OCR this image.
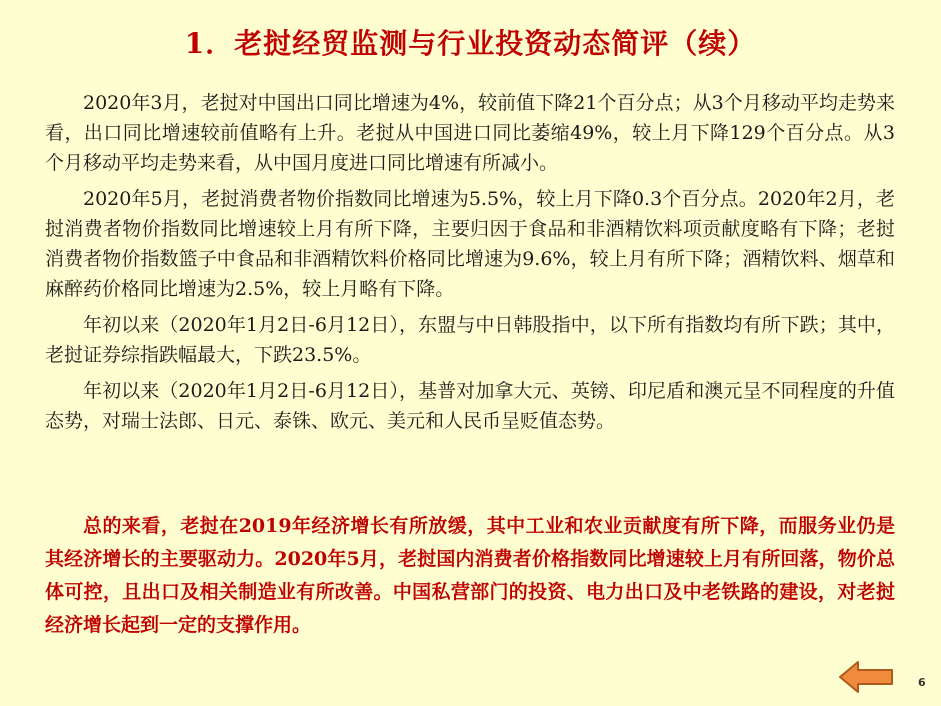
1．老挝经贸监测与行业投资动态简评（续）

2020年3月，老挝对中国出口同比增速为4%，较前值下降21个百分点；从3个月移动平均走势来看，出口同比增速较前值略有上升。老挝从中国进口同比萎缩49%，较上月下降129个百分点。从3个月移动平均走势来看，从中国月度进口同比增速有所减小。

2020年5月，老挝消费者物价指数同比增速为5.5%，较上月下降0.3个百分点。2020年2月，老挝消费者物价指数同比增速较上月有所下降，主要归因于食品和非酒精饮料项贡献度略有下降；老挝消费者物价指数篮子中食品和非酒精饮料价格同比增速为9.6%，较上月有所下降；酒精饮料、烟草和麻醉药价格同比增速为2.5%，较上月略有下降。

年初以来（2020年1月2日-6月12日），东盟与中日韩股指中，以下所有指数均有所下跌；其中，老挝证券综指跌幅最大，下跌23.5%。

年初以来（2020年1月2日-6月12日），基普对加拿大元、英镑、印尼盾和澳元呈不同程度的升值态势，对瑞士法郎、日元、泰铢、欧元、美元和人民币呈贬值态势。

总的来看，老挝在2019年经济增长有所放缓，其中工业和农业贡献度有所下降，而服务业仍是其经济增长的主要驱动力。2020年5月，老挝国内消费者价格指数同比增速较上月有所回落，物价总体可控，且出口及相关制造业有所改善。中国私营部门的投资、电力出口及中老铁路的建设，对老挝经济增长起到一定的支撑作用。

6
